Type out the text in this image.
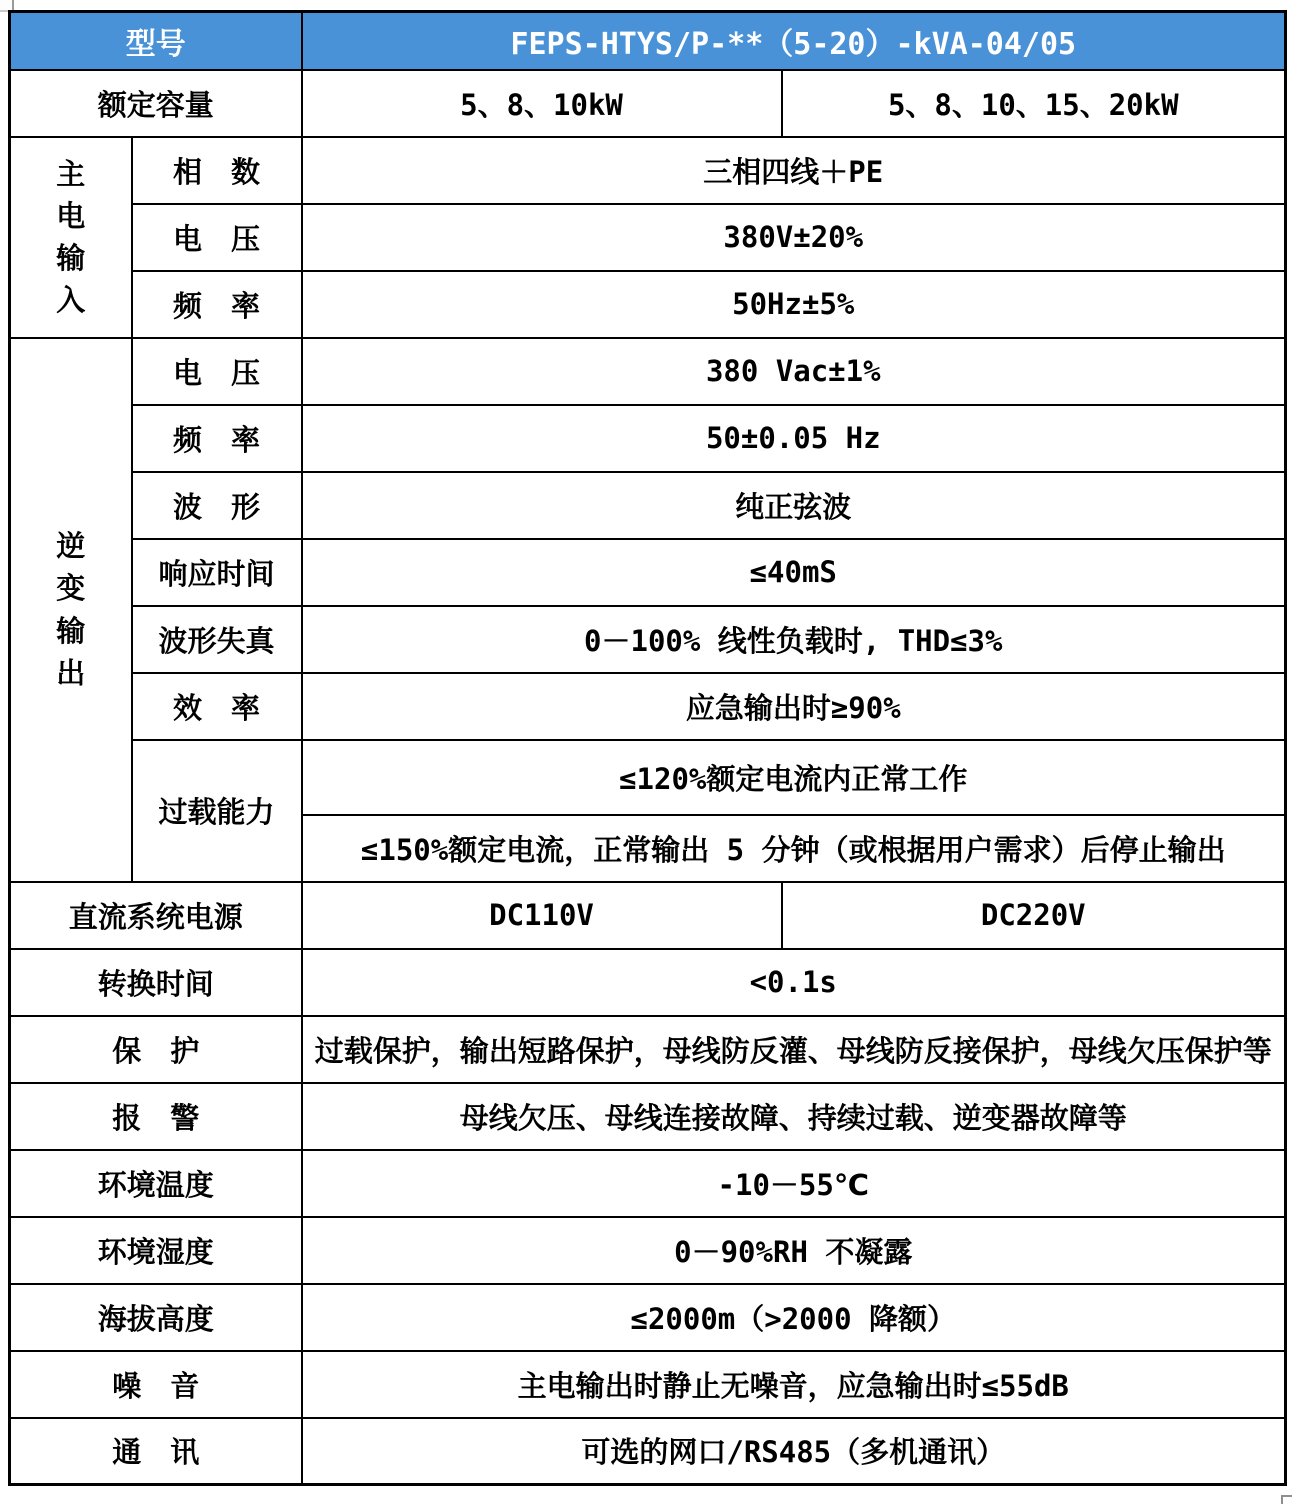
型号		FEPS-HTYS/P-**（5-20）-kVA-04/05	
额定容量		5、8、10kW	5、8、10、15、20kW

主电输入	相　数	三相四线＋PE	
	电　压	380V±20%	
	频　率	50Hz±5%	

逆变输出	电　压	380 Vac±1%	
	频　率	50±0.05 Hz	
	波　形	纯正弦波	
	响应时间	≤40mS	
	波形失真	0－100% 线性负载时, THD≤3%	
	效　率	应急输出时≥90%	
	过载能力	≤120%额定电流内正常工作	
		≤150%额定电流，正常输出 5 分钟（或根据用户需求）后停止输出	
直流系统电源		DC110V	DC220V
转换时间		<0.1s	
保　护		过载保护，输出短路保护，母线防反灌、母线防反接保护，母线欠压保护等	
报　警		母线欠压、母线连接故障、持续过载、逆变器故障等	
环境温度		-10－55℃	
环境湿度		0－90%RH 不凝露	
海拔高度		≤2000m（>2000 降额）	
噪　音		主电输出时静止无噪音，应急输出时≤55dB	
通　讯		可选的网口/RS485（多机通讯）	
